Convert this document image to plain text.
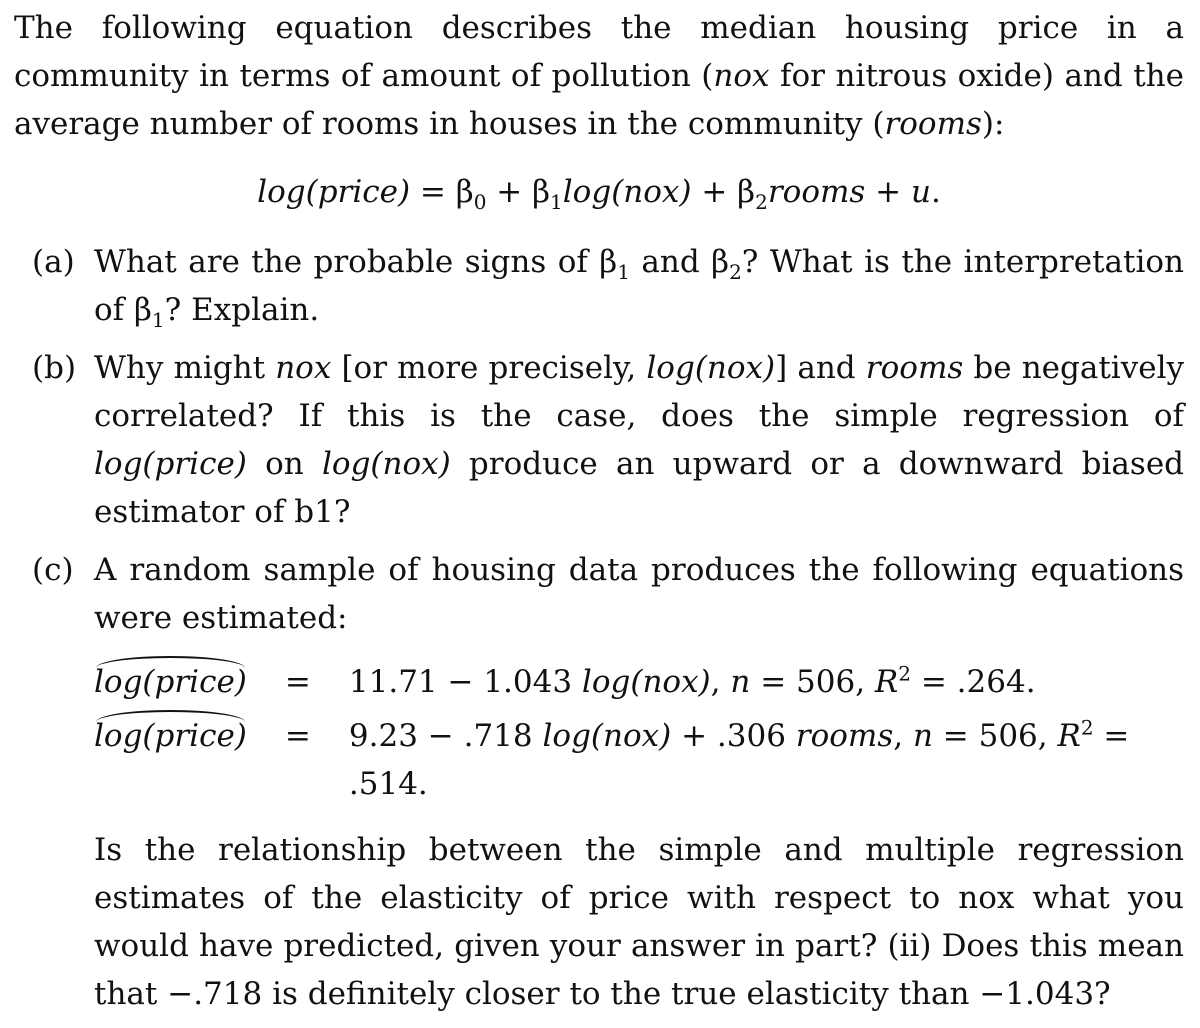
The following equation describes the median housing price in a community in terms of amount of pollution (nox for nitrous oxide) and the average number of rooms in houses in the community (rooms):

log(price) = $\beta_0 + \beta_1\log(nox)$ + $\beta_2rooms + u$.
(a) What are the probable signs of $\beta_1$ and $\beta_2$? What is the interpretation of $\beta_1$? Explain.

(b) Why might nox [or more precisely, log(nox)] and rooms be negatively correlated? If this is the case, does the simple regression of log(price) on log(nox) produce an upward or a downward biased estimator of b1?

(c) A random sample of housing data produces the following equations were estimated:

log(price)	=	11.71 − 1.043 log(nox), n = 506, $R^2 = .264$.
log(price)	=	9.23 − .718 log(nox) + .306 rooms, n = 506, $R^2 = .514$.

Is the relationship between the simple and multiple regression estimates of the elasticity of price with respect to nox what you would have predicted, given your answer in part? (ii) Does this mean that −.718 is definitely closer to the true elasticity than −1.043?
